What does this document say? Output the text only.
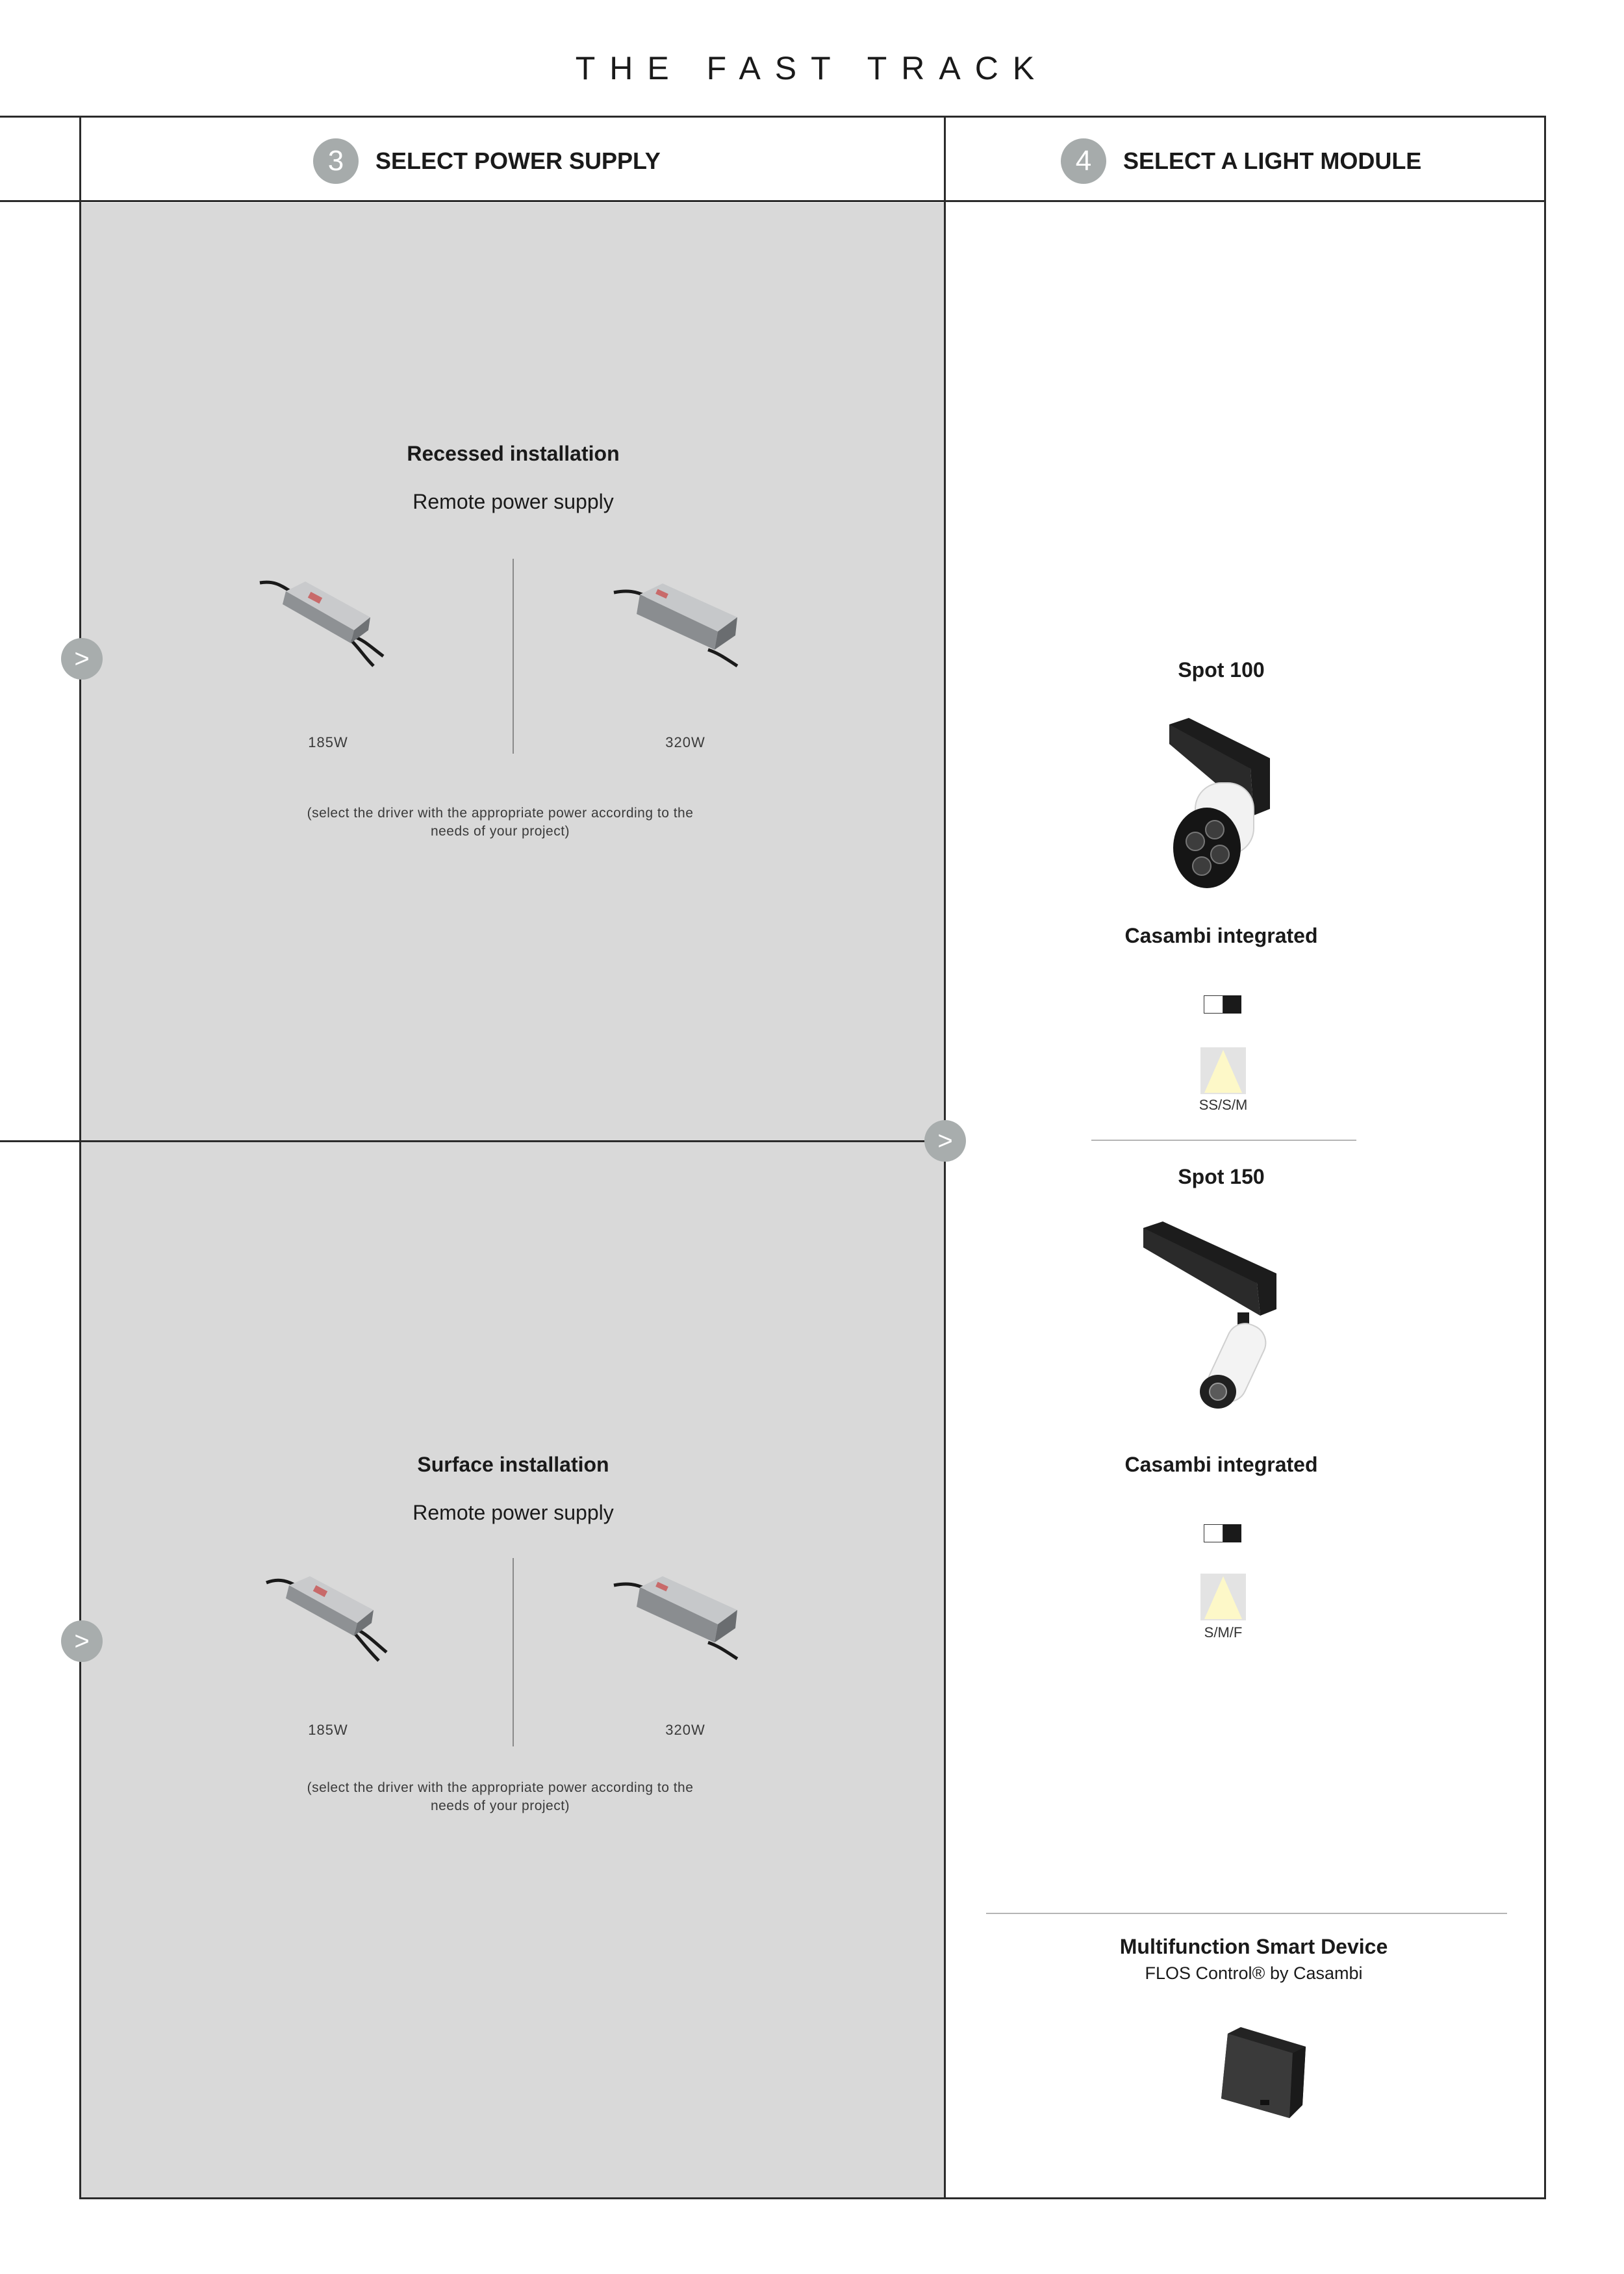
THE FAST TRACK
3	SELECT POWER SUPPLY	4	SELECT A LIGHT MODULE
Recessed installation
Remote power supply
185W	320W
(select the driver with the appropriate power according to the
needs of your project)
Surface installation
Remote power supply
185W	320W
(select the driver with the appropriate power according to the
needs of your project)
>
>
>
Spot 100
Casambi integrated
SS/S/M
Spot 150
Casambi integrated
S/M/F
Multifunction Smart Device
FLOS Control® by Casambi
